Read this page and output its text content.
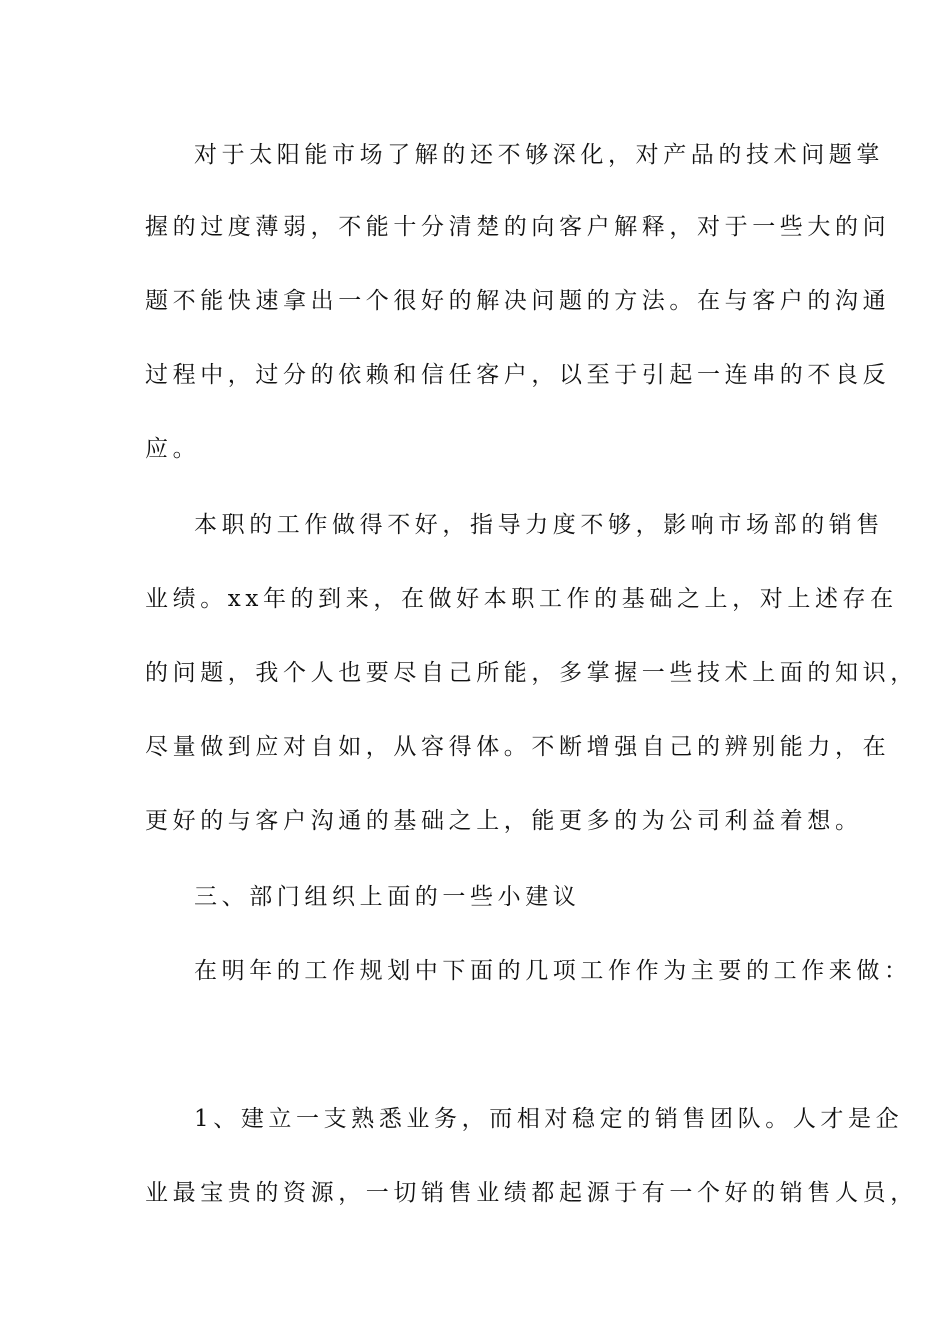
对于太阳能市场了解的还不够深化，对产品的技术问题掌
握的过度薄弱，不能十分清楚的向客户解释，对于一些大的问
题不能快速拿出一个很好的解决问题的方法。在与客户的沟通
过程中，过分的依赖和信任客户，以至于引起一连串的不良反
应。
本职的工作做得不好，指导力度不够，影响市场部的销售
业绩。xx年的到来，在做好本职工作的基础之上，对上述存在
的问题，我个人也要尽自己所能，多掌握一些技术上面的知识，
尽量做到应对自如，从容得体。不断增强自己的辨别能力，在
更好的与客户沟通的基础之上，能更多的为公司利益着想。
三、部门组织上面的一些小建议
在明年的工作规划中下面的几项工作作为主要的工作来做：
1、建立一支熟悉业务，而相对稳定的销售团队。人才是企
业最宝贵的资源，一切销售业绩都起源于有一个好的销售人员，
